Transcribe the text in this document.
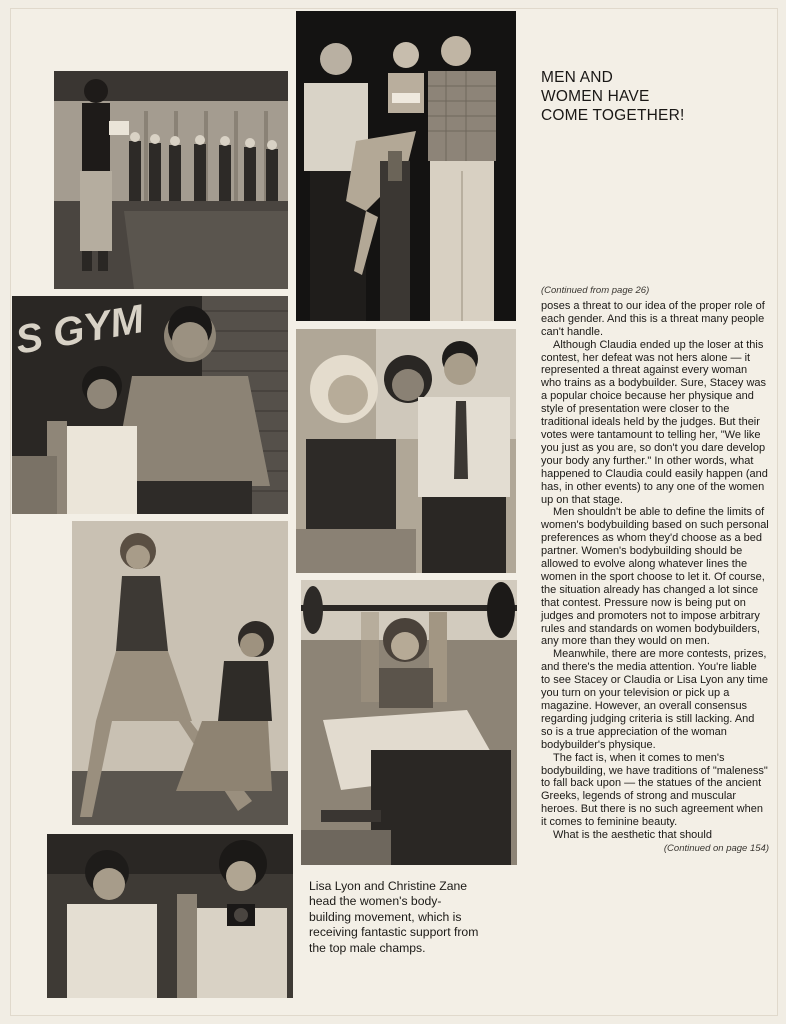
S GYM
MEN AND
WOMEN HAVE
COME TOGETHER!
(Continued from page 26)

poses a threat to our idea of the proper role of each gender. And this is a threat many people can't handle.

Although Claudia ended up the loser at this contest, her defeat was not hers alone — it represented a threat against every woman who trains as a bodybuilder. Sure, Stacey was a popular choice because her physique and style of presentation were closer to the traditional ideals held by the judges. But their votes were tantamount to telling her, "We like you just as you are, so don't you dare develop your body any further." In other words, what happened to Claudia could easily happen (and has, in other events) to any one of the women up on that stage.

Men shouldn't be able to define the limits of women's bodybuilding based on such personal preferences as whom they'd choose as a bed partner. Women's bodybuilding should be allowed to evolve along whatever lines the women in the sport choose to let it. Of course, the situation already has changed a lot since that contest. Pressure now is being put on judges and promoters not to impose arbitrary rules and standards on women bodybuilders, any more than they would on men.

Meanwhile, there are more contests, prizes, and there's the media attention. You're liable to see Stacey or Claudia or Lisa Lyon any time you turn on your television or pick up a magazine. However, an overall consensus regarding judging criteria is still lacking. And so is a true appreciation of the woman bodybuilder's physique.

The fact is, when it comes to men's bodybuilding, we have traditions of "maleness" to fall back upon — the statues of the ancient Greeks, legends of strong and muscular heroes. But there is no such agreement when it comes to feminine beauty.

What is the aesthetic that should

(Continued on page 154)
Lisa Lyon and Christine Zane
head the women's body-
building movement, which is
receiving fantastic support from
the top male champs.
